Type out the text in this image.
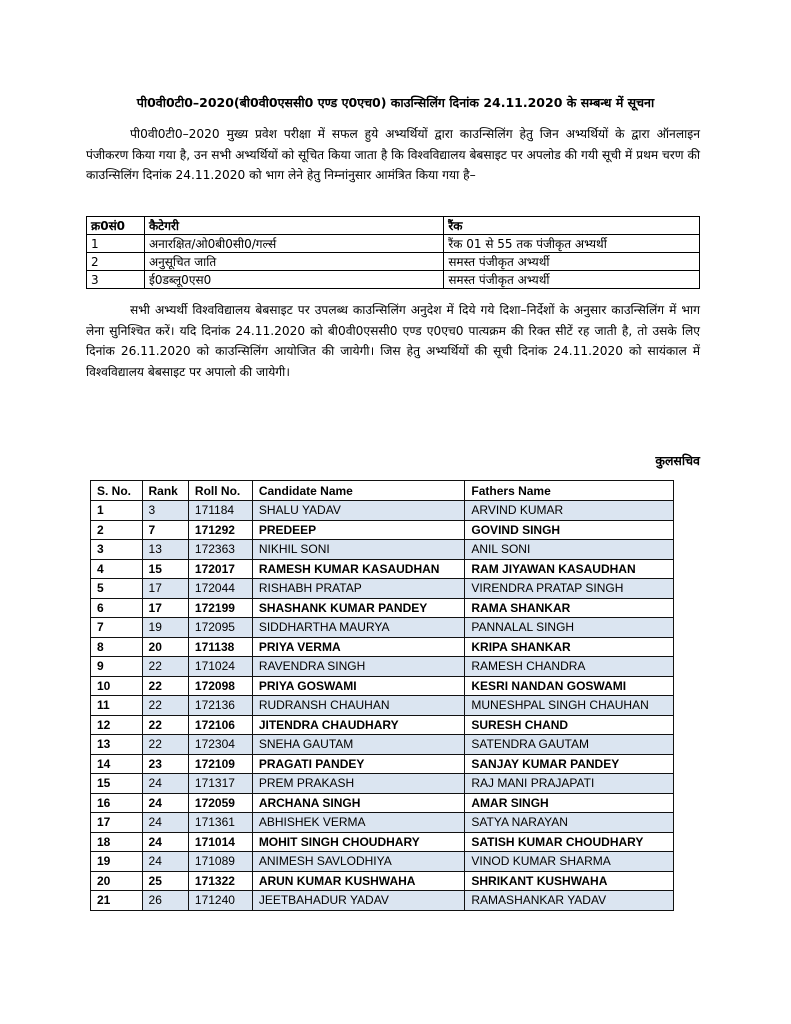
पी0वी0टी0–2020(बी0वी0एससी0 एण्ड ए0एच0) काउन्सिलिंग दिनांक 24.11.2020 के सम्बन्ध में सूचना
पी0वी0टी0–2020 मुख्य प्रवेश परीक्षा में सफल हुये अभ्यर्थियों द्वारा काउन्सिलिंग हेतु जिन अभ्यर्थियों के द्वारा ऑनलाइन पंजीकरण किया गया है, उन सभी अभ्यर्थियों को सूचित किया जाता है कि विश्वविद्यालय बेबसाइट पर अपलोड की गयी सूची में प्रथम चरण की काउन्सिलिंग दिनांक 24.11.2020 को भाग लेने हेतु निम्नांनुसार आमंत्रित किया गया है–
क्र0सं0	कैटेगरी	रैंक
1	अनारक्षित/ओ0बी0सी0/गर्ल्स	रैंक 01 से 55 तक पंजीकृत अभ्यर्थी
2	अनुसूचित जाति	समस्त पंजीकृत अभ्यर्थी
3	ई0डब्लू0एस0	समस्त पंजीकृत अभ्यर्थी
सभी अभ्यर्थी विश्वविद्यालय बेबसाइट पर उपलब्ध काउन्सिलिंग अनुदेश में दिये गये दिशा–निर्देशों के अनुसार काउन्सिलिंग में भाग लेना सुनिश्चित करें। यदि दिनांक 24.11.2020 को बी0वी0एससी0 एण्ड ए0एच0 पात्यक्रम की रिक्त सीटें रह जाती है, तो उसके लिए दिनांक 26.11.2020 को काउन्सिलिंग आयोजित की जायेगी। जिस हेतु अभ्यर्थियों की सूची दिनांक 24.11.2020 को सायंकाल में विश्वविद्यालय बेबसाइट पर अपालो की जायेगी।
कुलसचिव
S. No.	Rank	Roll No.	Candidate Name	Fathers Name
1	3	171184	SHALU YADAV	ARVIND KUMAR
2	7	171292	PREDEEP	GOVIND SINGH
3	13	172363	NIKHIL SONI	ANIL SONI
4	15	172017	RAMESH KUMAR KASAUDHAN	RAM JIYAWAN KASAUDHAN
5	17	172044	RISHABH PRATAP	VIRENDRA PRATAP SINGH
6	17	172199	SHASHANK KUMAR PANDEY	RAMA SHANKAR
7	19	172095	SIDDHARTHA MAURYA	PANNALAL SINGH
8	20	171138	PRIYA VERMA	KRIPA SHANKAR
9	22	171024	RAVENDRA SINGH	RAMESH CHANDRA
10	22	172098	PRIYA GOSWAMI	KESRI NANDAN GOSWAMI
11	22	172136	RUDRANSH CHAUHAN	MUNESHPAL SINGH CHAUHAN
12	22	172106	JITENDRA CHAUDHARY	SURESH CHAND
13	22	172304	SNEHA GAUTAM	SATENDRA GAUTAM
14	23	172109	PRAGATI PANDEY	SANJAY KUMAR PANDEY
15	24	171317	PREM PRAKASH	RAJ MANI PRAJAPATI
16	24	172059	ARCHANA SINGH	AMAR SINGH
17	24	171361	ABHISHEK VERMA	SATYA NARAYAN
18	24	171014	MOHIT SINGH CHOUDHARY	SATISH KUMAR CHOUDHARY
19	24	171089	ANIMESH SAVLODHIYA	VINOD KUMAR SHARMA
20	25	171322	ARUN KUMAR KUSHWAHA	SHRIKANT KUSHWAHA
21	26	171240	JEETBAHADUR YADAV	RAMASHANKAR YADAV
